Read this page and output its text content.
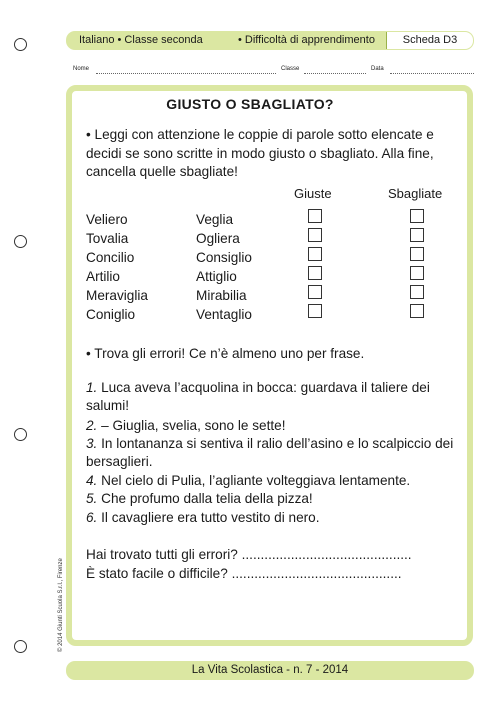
Italiano • Classe seconda	• Difficoltà di apprendimento	Scheda D3
Nome	Classe	Data
GIUSTO O SBAGLIATO?
• Leggi con attenzione le coppie di parole sotto elencate e decidi se sono scritte in modo giusto o sbagliato. Alla fine, cancella quelle sbagliate!
Giuste	Sbagliate
Veliero	Veglia
Tovalia	Ogliera
Concilio	Consiglio
Artilio	Attiglio
Meraviglia	Mirabilia
Coniglio	Ventaglio
• Trova gli errori! Ce n’è almeno uno per frase.
1. Luca aveva l’acquolina in bocca: guardava il taliere dei salumi!
2. – Giuglia, svelia, sono le sette!
3. In lontananza si sentiva il ralio dell’asino e lo scalpiccio dei bersaglieri.
4. Nel cielo di Pulia, l’agliante volteggiava lentamente.
5. Che profumo dalla telia della pizza!
6. Il cavagliere era tutto vestito di nero.
Hai trovato tutti gli errori? .............................................
È stato facile o difficile? .............................................
© 2014 Giunti Scuola S.r.l., Firenze
La Vita Scolastica - n. 7 - 2014
